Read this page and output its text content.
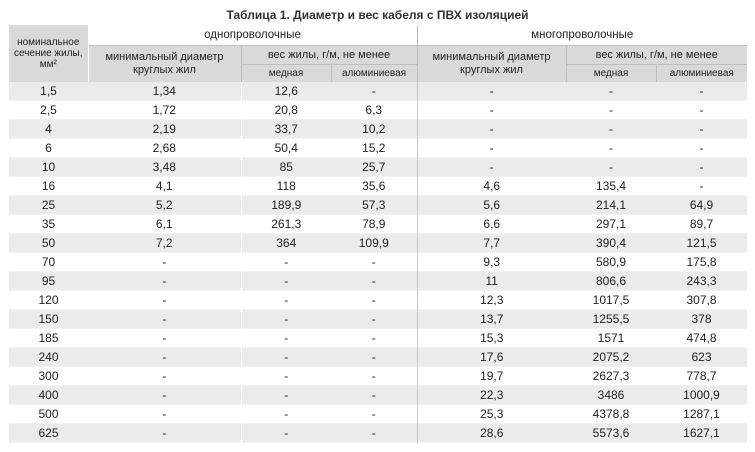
Таблица 1. Диаметр и вес кабеля с ПВХ изоляцией
номинальное сечение жилы, мм²	однопроволочные			многопроволочные		
	минимальный диаметр круглых жил	вес жилы, г/м, не менее		минимальный диаметр круглых жил	вес жилы, г/м, не менее	
		медная	алюминиевая		медная	алюминиевая
1,5	1,34	12,6	-	-	-	-
2,5	1,72	20,8	6,3	-	-	-
4	2,19	33,7	10,2	-	-	-
6	2,68	50,4	15,2	-	-	-
10	3,48	85	25,7	-	-	-
16	4,1	118	35,6	4,6	135,4	-
25	5,2	189,9	57,3	5,6	214,1	64,9
35	6,1	261,3	78,9	6,6	297,1	89,7
50	7,2	364	109,9	7,7	390,4	121,5
70	-	-	-	9,3	580,9	175,8
95	-	-	-	11	806,6	243,3
120	-	-	-	12,3	1017,5	307,8
150	-	-	-	13,7	1255,5	378
185	-	-	-	15,3	1571	474,8
240	-	-	-	17,6	2075,2	623
300	-	-	-	19,7	2627,3	778,7
400	-	-	-	22,3	3486	1000,9
500	-	-	-	25,3	4378,8	1287,1
625	-	-	-	28,6	5573,6	1627,1
